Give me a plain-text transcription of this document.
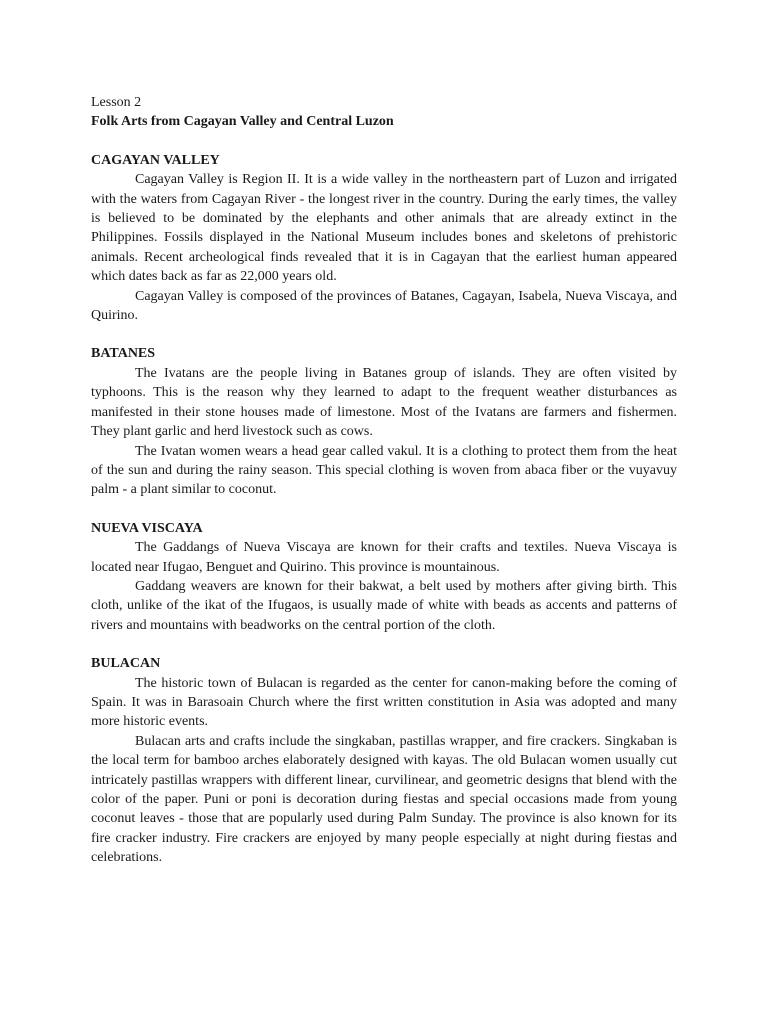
Lesson 2

Folk Arts from Cagayan Valley and Central Luzon

CAGAYAN VALLEY

Cagayan Valley is Region II. It is a wide valley in the northeastern part of Luzon and irrigated with the waters from Cagayan River - the longest river in the country. During the early times, the valley is believed to be dominated by the elephants and other animals that are already extinct in the Philippines. Fossils displayed in the National Museum includes bones and skeletons of prehistoric animals. Recent archeological finds revealed that it is in Cagayan that the earliest human appeared which dates back as far as 22,000 years old.

Cagayan Valley is composed of the provinces of Batanes, Cagayan, Isabela, Nueva Viscaya, and Quirino.

BATANES

The Ivatans are the people living in Batanes group of islands. They are often visited by typhoons. This is the reason why they learned to adapt to the frequent weather disturbances as manifested in their stone houses made of limestone. Most of the Ivatans are farmers and fishermen. They plant garlic and herd livestock such as cows.

The Ivatan women wears a head gear called vakul. It is a clothing to protect them from the heat of the sun and during the rainy season. This special clothing is woven from abaca fiber or the vuyavuy palm - a plant similar to coconut.

NUEVA VISCAYA

The Gaddangs of Nueva Viscaya are known for their crafts and textiles. Nueva Viscaya is located near Ifugao, Benguet and Quirino. This province is mountainous.

Gaddang weavers are known for their bakwat, a belt used by mothers after giving birth. This cloth, unlike of the ikat of the Ifugaos, is usually made of white with beads as accents and patterns of rivers and mountains with beadworks on the central portion of the cloth.

BULACAN

The historic town of Bulacan is regarded as the center for canon-making before the coming of Spain. It was in Barasoain Church where the first written constitution in Asia was adopted and many more historic events.

Bulacan arts and crafts include the singkaban, pastillas wrapper, and fire crackers. Singkaban is the local term for bamboo arches elaborately designed with kayas. The old Bulacan women usually cut intricately pastillas wrappers with different linear, curvilinear, and geometric designs that blend with the color of the paper. Puni or poni is decoration during fiestas and special occasions made from young coconut leaves - those that are popularly used during Palm Sunday. The province is also known for its fire cracker industry. Fire crackers are enjoyed by many people especially at night during fiestas and celebrations.
